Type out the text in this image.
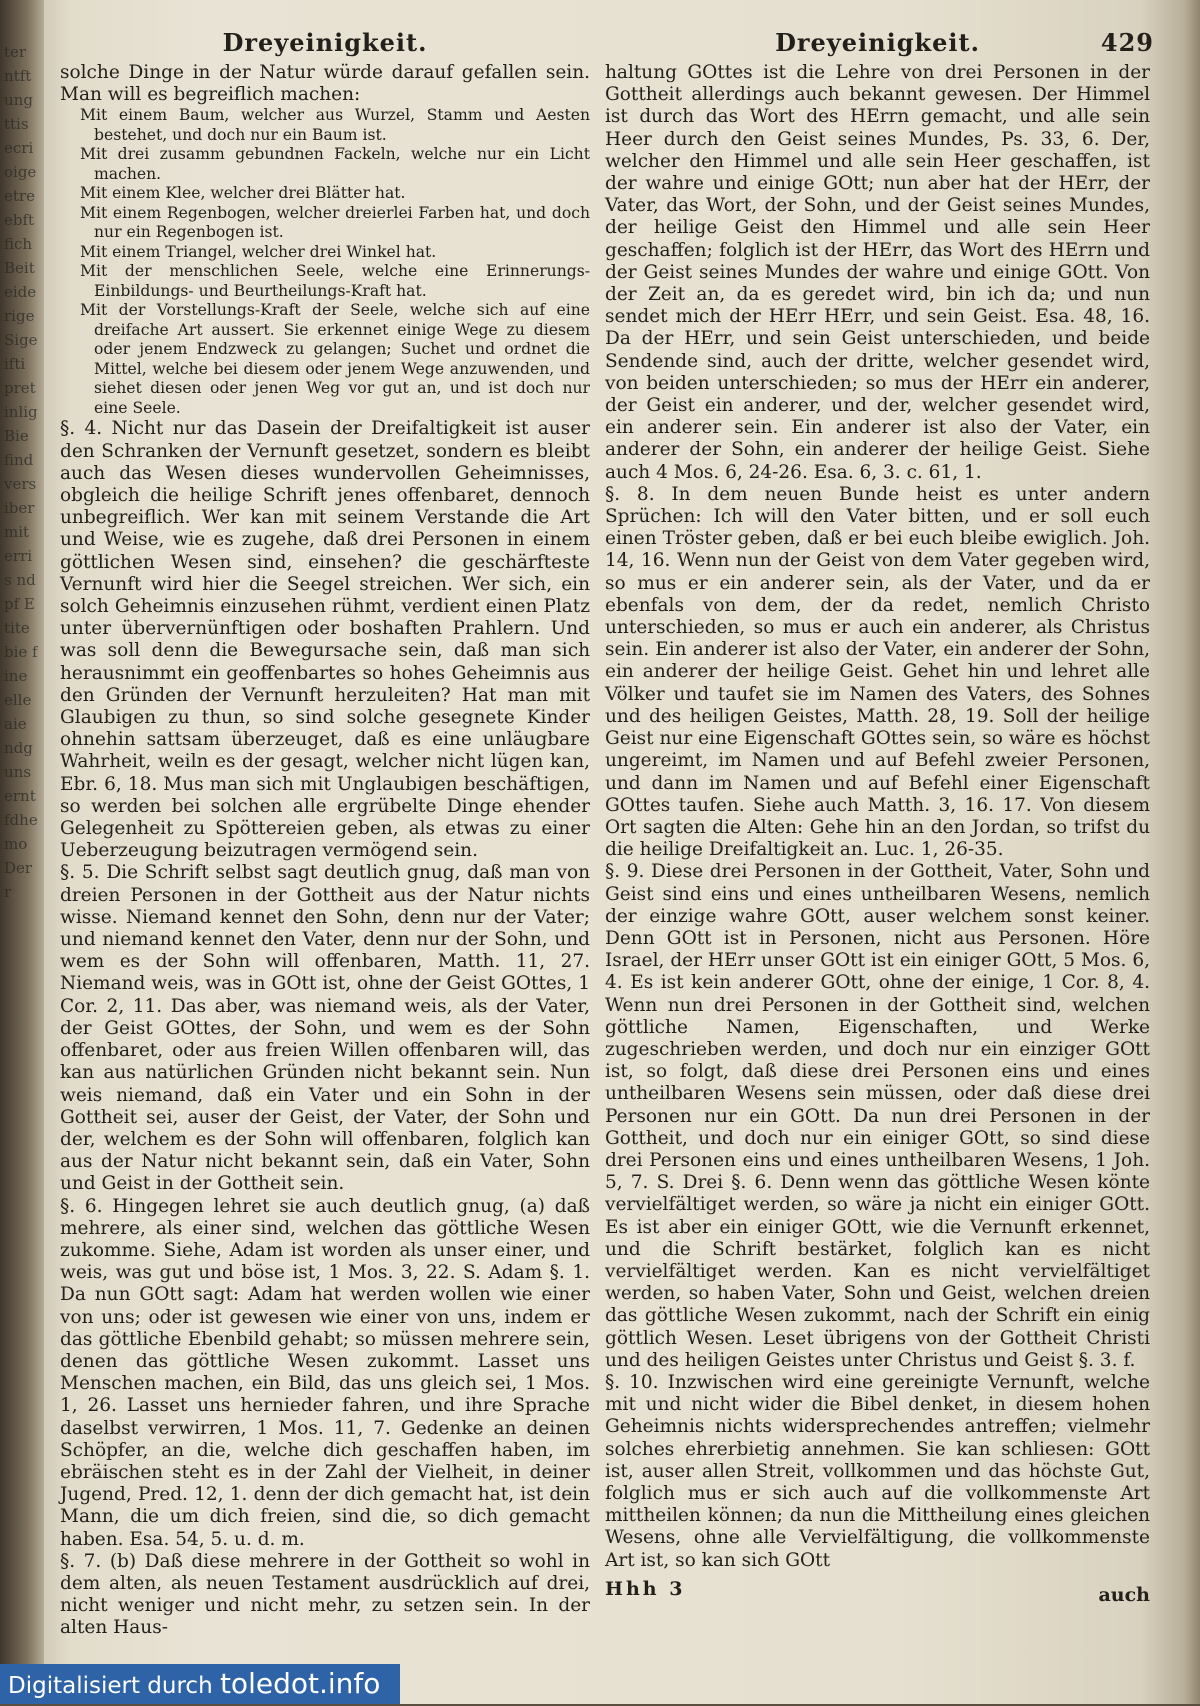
ter ntft ung ttis ecri oige etre ebft fich Beit eide rige Sige ifti pret inlig Bie find vers iber mit erris ndpf Etite bie fine elle aie ndg uns ernt fdhe mo Derr
Dreyeinigkeit.

solche Dinge in der Natur würde darauf gefallen sein. Man will es begreiflich machen:

Mit einem Baum, welcher aus Wurzel, Stamm und Aesten bestehet, und doch nur ein Baum ist.

Mit drei zusamm gebundnen Fackeln, welche nur ein Licht machen.

Mit einem Klee, welcher drei Blätter hat.

Mit einem Regenbogen, welcher dreierlei Farben hat, und doch nur ein Regenbogen ist.

Mit einem Triangel, welcher drei Winkel hat.

Mit der menschlichen Seele, welche eine Erinnerungs-Einbildungs- und Beurtheilungs-Kraft hat.

Mit der Vorstellungs-Kraft der Seele, welche sich auf eine dreifache Art aussert. Sie erkennet einige Wege zu diesem oder jenem Endzweck zu gelangen; Suchet und ordnet die Mittel, welche bei diesem oder jenem Wege anzuwenden, und siehet diesen oder jenen Weg vor gut an, und ist doch nur eine Seele.

§. 4. Nicht nur das Dasein der Dreifaltigkeit ist auser den Schranken der Vernunft gesetzet, sondern es bleibt auch das Wesen dieses wundervollen Geheimnisses, obgleich die heilige Schrift jenes offenbaret, dennoch unbegreiflich. Wer kan mit seinem Verstande die Art und Weise, wie es zugehe, daß drei Personen in einem göttlichen Wesen sind, einsehen? die geschärfteste Vernunft wird hier die Seegel streichen. Wer sich, ein solch Geheimnis einzusehen rühmt, verdient einen Platz unter übervernünftigen oder boshaften Prahlern. Und was soll denn die Bewegursache sein, daß man sich herausnimmt ein geoffenbartes so hohes Geheimnis aus den Gründen der Vernunft herzuleiten? Hat man mit Glaubigen zu thun, so sind solche gesegnete Kinder ohnehin sattsam überzeuget, daß es eine unläugbare Wahrheit, weiln es der gesagt, welcher nicht lügen kan, Ebr. 6, 18. Mus man sich mit Unglaubigen beschäftigen, so werden bei solchen alle ergrübelte Dinge ehender Gelegenheit zu Spöttereien geben, als etwas zu einer Ueberzeugung beizutragen vermögend sein.

§. 5. Die Schrift selbst sagt deutlich gnug, daß man von dreien Personen in der Gottheit aus der Natur nichts wisse. Niemand kennet den Sohn, denn nur der Vater; und niemand kennet den Vater, denn nur der Sohn, und wem es der Sohn will offenbaren, Matth. 11, 27. Niemand weis, was in GOtt ist, ohne der Geist GOttes, 1 Cor. 2, 11. Das aber, was niemand weis, als der Vater, der Geist GOttes, der Sohn, und wem es der Sohn offenbaret, oder aus freien Willen offenbaren will, das kan aus natürlichen Gründen nicht bekannt sein. Nun weis niemand, daß ein Vater und ein Sohn in der Gottheit sei, auser der Geist, der Vater, der Sohn und der, welchem es der Sohn will offenbaren, folglich kan aus der Natur nicht bekannt sein, daß ein Vater, Sohn und Geist in der Gottheit sein.

§. 6. Hingegen lehret sie auch deutlich gnug, (a) daß mehrere, als einer sind, welchen das göttliche Wesen zukomme. Siehe, Adam ist worden als unser einer, und weis, was gut und böse ist, 1 Mos. 3, 22. S. Adam §. 1. Da nun GOtt sagt: Adam hat werden wollen wie einer von uns; oder ist gewesen wie einer von uns, indem er das göttliche Ebenbild gehabt; so müssen mehrere sein, denen das göttliche Wesen zukommt. Lasset uns Menschen machen, ein Bild, das uns gleich sei, 1 Mos. 1, 26. Lasset uns hernieder fahren, und ihre Sprache daselbst verwirren, 1 Mos. 11, 7. Gedenke an deinen Schöpfer, an die, welche dich geschaffen haben, im ebräischen steht es in der Zahl der Vielheit, in deiner Jugend, Pred. 12, 1. denn der dich gemacht hat, ist dein Mann, die um dich freien, sind die, so dich gemacht haben. Esa. 54, 5. u. d. m.

§. 7. (b) Daß diese mehrere in der Gottheit so wohl in dem alten, als neuen Testament ausdrücklich auf drei, nicht weniger und nicht mehr, zu setzen sein. In der alten Haus-

Dreyeinigkeit.	429

haltung GOttes ist die Lehre von drei Personen in der Gottheit allerdings auch bekannt gewesen. Der Himmel ist durch das Wort des HErrn gemacht, und alle sein Heer durch den Geist seines Mundes, Ps. 33, 6. Der, welcher den Himmel und alle sein Heer geschaffen, ist der wahre und einige GOtt; nun aber hat der HErr, der Vater, das Wort, der Sohn, und der Geist seines Mundes, der heilige Geist den Himmel und alle sein Heer geschaffen; folglich ist der HErr, das Wort des HErrn und der Geist seines Mundes der wahre und einige GOtt. Von der Zeit an, da es geredet wird, bin ich da; und nun sendet mich der HErr HErr, und sein Geist. Esa. 48, 16. Da der HErr, und sein Geist unterschieden, und beide Sendende sind, auch der dritte, welcher gesendet wird, von beiden unterschieden; so mus der HErr ein anderer, der Geist ein anderer, und der, welcher gesendet wird, ein anderer sein. Ein anderer ist also der Vater, ein anderer der Sohn, ein anderer der heilige Geist. Siehe auch 4 Mos. 6, 24-26. Esa. 6, 3. c. 61, 1.

§. 8. In dem neuen Bunde heist es unter andern Sprüchen: Ich will den Vater bitten, und er soll euch einen Tröster geben, daß er bei euch bleibe ewiglich. Joh. 14, 16. Wenn nun der Geist von dem Vater gegeben wird, so mus er ein anderer sein, als der Vater, und da er ebenfals von dem, der da redet, nemlich Christo unterschieden, so mus er auch ein anderer, als Christus sein. Ein anderer ist also der Vater, ein anderer der Sohn, ein anderer der heilige Geist. Gehet hin und lehret alle Völker und taufet sie im Namen des Vaters, des Sohnes und des heiligen Geistes, Matth. 28, 19. Soll der heilige Geist nur eine Eigenschaft GOttes sein, so wäre es höchst ungereimt, im Namen und auf Befehl zweier Personen, und dann im Namen und auf Befehl einer Eigenschaft GOttes taufen. Siehe auch Matth. 3, 16. 17. Von diesem Ort sagten die Alten: Gehe hin an den Jordan, so trifst du die heilige Dreifaltigkeit an. Luc. 1, 26-35.

§. 9. Diese drei Personen in der Gottheit, Vater, Sohn und Geist sind eins und eines untheilbaren Wesens, nemlich der einzige wahre GOtt, auser welchem sonst keiner. Denn GOtt ist in Personen, nicht aus Personen. Höre Israel, der HErr unser GOtt ist ein einiger GOtt, 5 Mos. 6, 4. Es ist kein anderer GOtt, ohne der einige, 1 Cor. 8, 4. Wenn nun drei Personen in der Gottheit sind, welchen göttliche Namen, Eigenschaften, und Werke zugeschrieben werden, und doch nur ein einziger GOtt ist, so folgt, daß diese drei Personen eins und eines untheilbaren Wesens sein müssen, oder daß diese drei Personen nur ein GOtt. Da nun drei Personen in der Gottheit, und doch nur ein einiger GOtt, so sind diese drei Personen eins und eines untheilbaren Wesens, 1 Joh. 5, 7. S. Drei §. 6. Denn wenn das göttliche Wesen könte vervielfältiget werden, so wäre ja nicht ein einiger GOtt. Es ist aber ein einiger GOtt, wie die Vernunft erkennet, und die Schrift bestärket, folglich kan es nicht vervielfältiget werden. Kan es nicht vervielfältiget werden, so haben Vater, Sohn und Geist, welchen dreien das göttliche Wesen zukommt, nach der Schrift ein einig göttlich Wesen. Leset übrigens von der Gottheit Christi und des heiligen Geistes unter Christus und Geist §. 3. f.

§. 10. Inzwischen wird eine gereinigte Vernunft, welche mit und nicht wider die Bibel denket, in diesem hohen Geheimnis nichts widersprechendes antreffen; vielmehr solches ehrerbietig annehmen. Sie kan schliesen: GOtt ist, auser allen Streit, vollkommen und das höchste Gut, folglich mus er sich auch auf die vollkommenste Art mittheilen können; da nun die Mittheilung eines gleichen Wesens, ohne alle Vervielfältigung, die vollkommenste Art ist, so kan sich GOtt

Hhh 3	auch
Digitalisiert durch toledot.info
